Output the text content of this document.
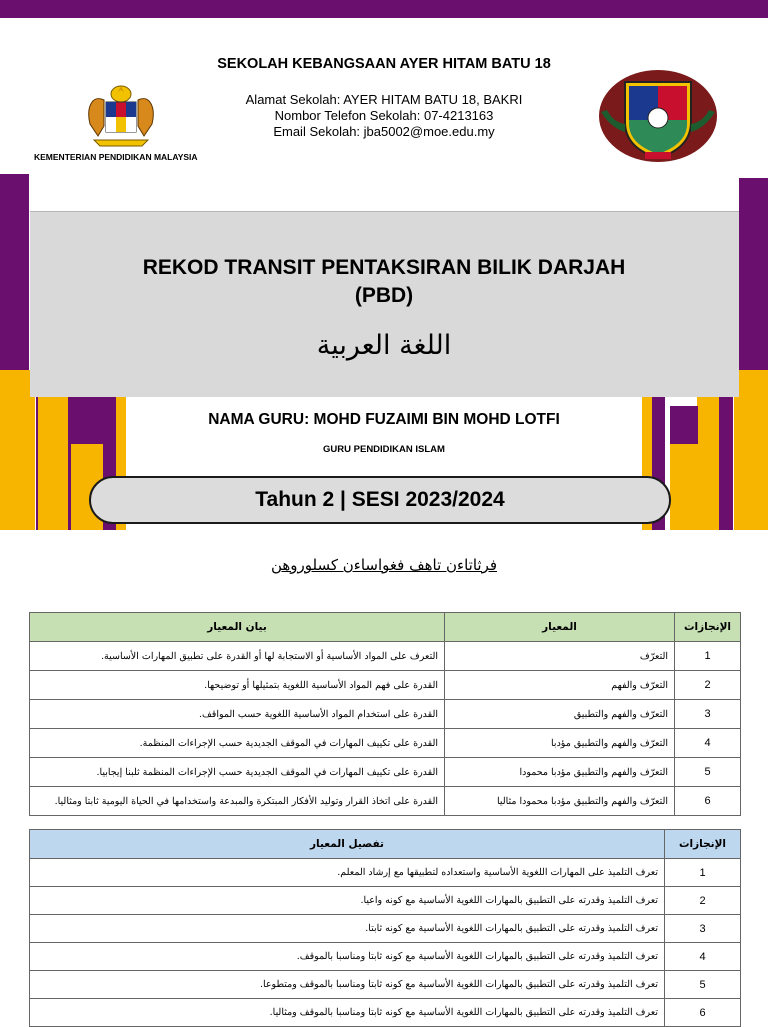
SEKOLAH KEBANGSAAN AYER HITAM BATU 18
Alamat Sekolah: AYER HITAM BATU 18, BAKRI
Nombor Telefon Sekolah: 07-4213163
Email Sekolah: jba5002@moe.edu.my
KEMENTERIAN PENDIDIKAN MALAYSIA
REKOD TRANSIT PENTAKSIRAN BILIK DARJAH
(PBD)
اللغة العربية
NAMA GURU: MOHD FUZAIMI BIN MOHD LOTFI
GURU PENDIDIKAN ISLAM
Tahun 2 | SESI 2023/2024
فرثاتاءن تاهف فغواساءن كسلوروهن
الإنجازات	المعيار	بيان المعيار
1	التعرّف	التعرف على المواد الأساسية أو الاستجابة لها أو القدرة على تطبيق المهارات الأساسية.
2	التعرّف والفهم	القدرة على فهم المواد الأساسية اللغوية بتمثيلها أو توضيحها.
3	التعرّف والفهم والتطبيق	القدرة على استخدام المواد الأساسية اللغوية حسب المواقف.
4	التعرّف والفهم والتطبيق مؤدبا	القدرة على تكييف المهارات في الموقف الجديدية حسب الإجراءات المنظمة.
5	التعرّف والفهم والتطبيق مؤدبا محمودا	القدرة على تكييف المهارات في الموقف الجديدية حسب الإجراءات المنظمة ثلبنا إيجابيا.
6	التعرّف والفهم والتطبيق مؤدبا محمودا مثاليا	القدرة على اتخاذ القرار وتوليد الأفكار المبتكرة والمبدعة واستخدامها في الحياة اليومية ثابتا ومثاليا.
الإنجازات	تفصيل المعيار
1	تعرف التلميذ على المهارات اللغوية الأساسية واستعداده لتطبيقها مع إرشاد المعلم.
2	تعرف التلميذ وقدرته على التطبيق بالمهارات اللغوية الأساسية مع كونه واعيا.
3	تعرف التلميذ وقدرته على التطبيق بالمهارات اللغوية الأساسية مع كونه ثابتا.
4	تعرف التلميذ وقدرته على التطبيق بالمهارات اللغوية الأساسية مع كونه ثابتا ومناسبا بالموقف.
5	تعرف التلميذ وقدرته على التطبيق بالمهارات اللغوية الأساسية مع كونه ثابتا ومناسبا بالموقف ومتطوعا.
6	تعرف التلميذ وقدرته على التطبيق بالمهارات اللغوية الأساسية مع كونه ثابتا ومناسبا بالموقف ومثاليا.
